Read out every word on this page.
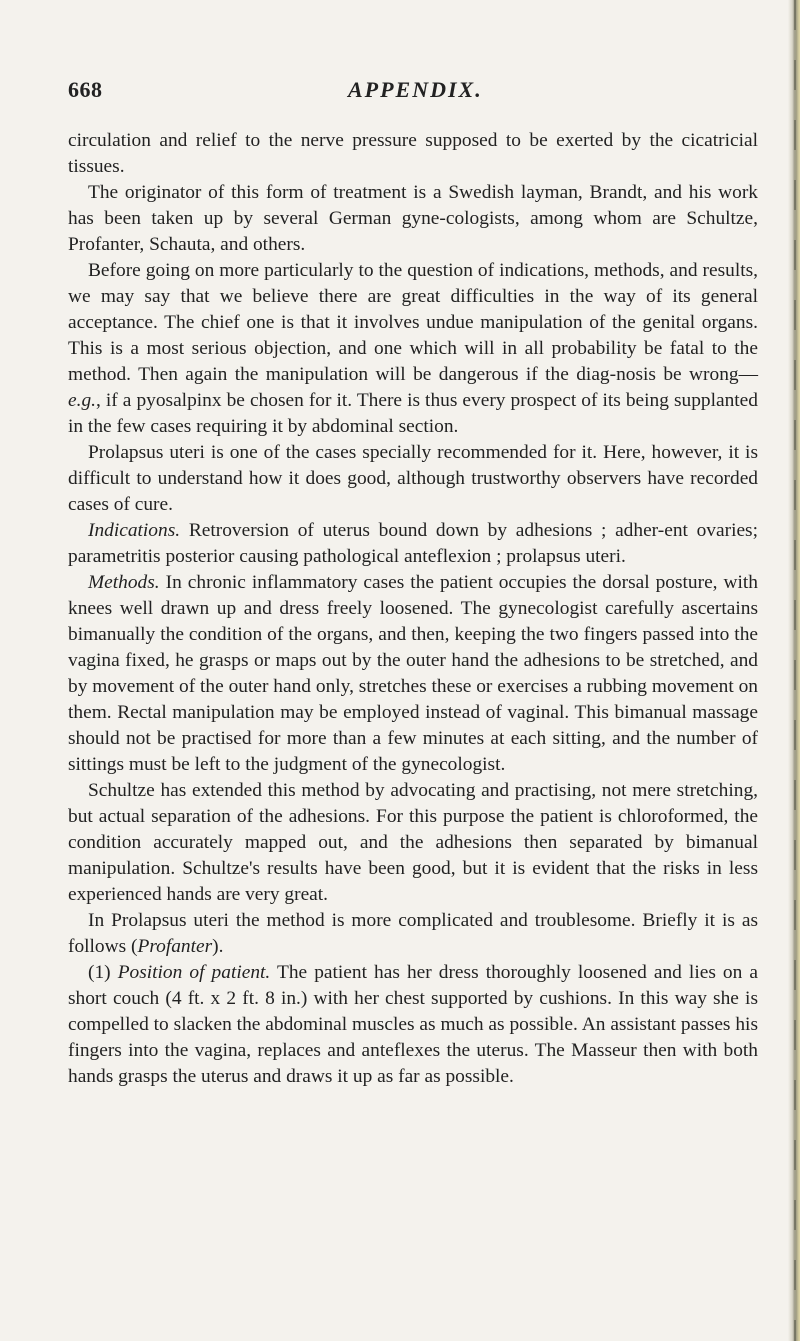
668	APPENDIX.

circulation and relief to the nerve pressure supposed to be exerted by the cicatricial tissues.

The originator of this form of treatment is a Swedish layman, Brandt, and his work has been taken up by several German gyne-cologists, among whom are Schultze, Profanter, Schauta, and others.

Before going on more particularly to the question of indications, methods, and results, we may say that we believe there are great difficulties in the way of its general acceptance. The chief one is that it involves undue manipulation of the genital organs. This is a most serious objection, and one which will in all probability be fatal to the method. Then again the manipulation will be dangerous if the diag-nosis be wrong—e.g., if a pyosalpinx be chosen for it. There is thus every prospect of its being supplanted in the few cases requiring it by abdominal section.

Prolapsus uteri is one of the cases specially recommended for it. Here, however, it is difficult to understand how it does good, although trustworthy observers have recorded cases of cure.

Indications. Retroversion of uterus bound down by adhesions ; adher-ent ovaries; parametritis posterior causing pathological anteflexion ; prolapsus uteri.

Methods. In chronic inflammatory cases the patient occupies the dorsal posture, with knees well drawn up and dress freely loosened. The gynecologist carefully ascertains bimanually the condition of the organs, and then, keeping the two fingers passed into the vagina fixed, he grasps or maps out by the outer hand the adhesions to be stretched, and by movement of the outer hand only, stretches these or exercises a rubbing movement on them. Rectal manipulation may be employed instead of vaginal. This bimanual massage should not be practised for more than a few minutes at each sitting, and the number of sittings must be left to the judgment of the gynecologist.

Schultze has extended this method by advocating and practising, not mere stretching, but actual separation of the adhesions. For this purpose the patient is chloroformed, the condition accurately mapped out, and the adhesions then separated by bimanual manipulation. Schultze's results have been good, but it is evident that the risks in less experienced hands are very great.

In Prolapsus uteri the method is more complicated and troublesome. Briefly it is as follows (Profanter).

(1) Position of patient. The patient has her dress thoroughly loosened and lies on a short couch (4 ft. x 2 ft. 8 in.) with her chest supported by cushions. In this way she is compelled to slacken the abdominal muscles as much as possible. An assistant passes his fingers into the vagina, replaces and anteflexes the uterus. The Masseur then with both hands grasps the uterus and draws it up as far as possible.
